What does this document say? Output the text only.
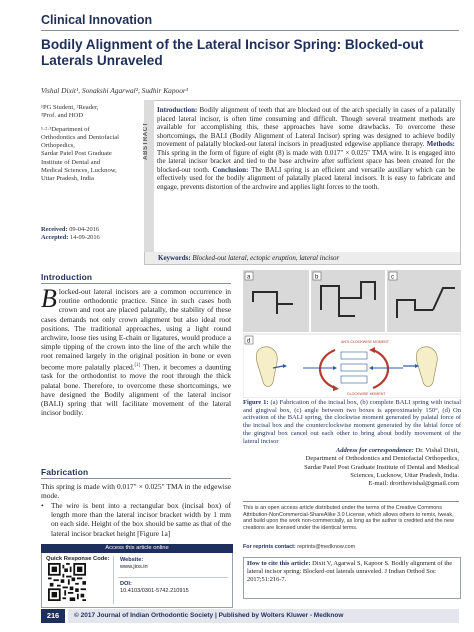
Clinical Innovation
Bodily Alignment of the Lateral Incisor Spring: Blocked-out Laterals Unraveled
Vishal Dixit¹, Sonakshi Agarwal², Sudhir Kapoor³
¹PG Student, ²Reader,
³Prof. and HOD
¹·²·³Department of
Orthodontics and Dentofacial
Orthopedics,
Sardar Patel Post Graduate
Institute of Dental and
Medical Sciences, Lucknow,
Uttar Pradesh, India
Received: 09-04-2016
Accepted: 14-09-2016
ABSTRACT
Introduction: Bodily alignment of teeth that are blocked out of the arch specially in cases of a palatally placed lateral incisor, is often time consuming and difficult. Though several treatment methods are available for accomplishing this, these approaches have some drawbacks. To overcome these shortcomings, the BALI (Bodily Alignment of Lateral Incisor) spring was designed to achieve bodily movement of palatally blocked-out lateral incisors in preadjusted edgewise appliance therapy. Methods: This spring in the form of figure of eight (8) is made with 0.017" × 0.025" TMA wire. It is engaged into the lateral incisor bracket and tied to the base archwire after sufficient space has been created for the blocked-out tooth. Conclusion: The BALI spring is an efficient and versatile auxiliary which can be effectively used for the bodily alignment of palatally placed lateral incisors. It is easy to fabricate and engage, prevents distortion of the archwire and applies light forces to the tooth.
Keywords: Blocked-out lateral, ectopic eruption, lateral incisor
Introduction
Blocked-out lateral incisors are a common occurrence in routine orthodontic practice. Since in such cases both crown and root are placed palatally, the stability of these cases demands not only crown alignment but also ideal root positions. The traditional approaches, using a light round archwire, loose ties using E-chain or ligatures, would produce a simple tipping of the crown into the line of the arch while the root remained largely in the original position in bone or even become more palatally placed.[1] Then, it becomes a daunting task for the orthodontist to move the root through the thick palatal bone. Therefore, to overcome these shortcomings, we have designed the Bodily alignment of the lateral incisor (BALI) spring that will facilitate movement of the lateral incisor bodily.
Fabrication
This spring is made with 0.017" × 0.025" TMA in the edgewise mode.
•	The wire is bent into a rectangular box (incisal box) of length more than the lateral incisor bracket width by 1 mm on each side. Height of the box should be same as that of the lateral incisor bracket height [Figure 1a]
Access this article online
Quick Response Code: Website:
www.jios.in
DOI:
10.4103/0301-5742.210915
a	b	c
ANTI-CLOCKWISE MOMENT
CLOCKWISE MOMENT
d
Figure 1: (a) Fabrication of the incisal box, (b) complete BALI spring with incisal and gingival box, (c) angle between two boxes is approximately 150°, (d) On activation of the BALI spring, the clockwise moment generated by palatal force of the incisal box and the counterclockwise moment generated by the labial force of the gingival box cancel out each other to bring about bodily movement of the lateral incisor
Address for correspondence: Dr. Vishal Dixit,
Department of Orthodontics and Dentofacial Orthopedics,
Sardar Patel Post Graduate Institute of Dental and Medical
Sciences, Lucknow, Uttar Pradesh, India.
E-mail: drorthovishal@gmail.com
This is an open access article distributed under the terms of the Creative Commons Attribution-NonCommercial-ShareAlike 3.0 License, which allows others to remix, tweak, and build upon the work non-commercially, as long as the author is credited and the new creations are licensed under the identical terms.
For reprints contact: reprints@medknow.com
How to cite this article: Dixit V, Agarwal S, Kapoor S. Bodily alignment of the lateral incisor spring: Blocked-out laterals unraveled. J Indian Orthod Soc 2017;51:216-7.
216	© 2017 Journal of Indian Orthodontic Society | Published by Wolters Kluwer - Medknow
